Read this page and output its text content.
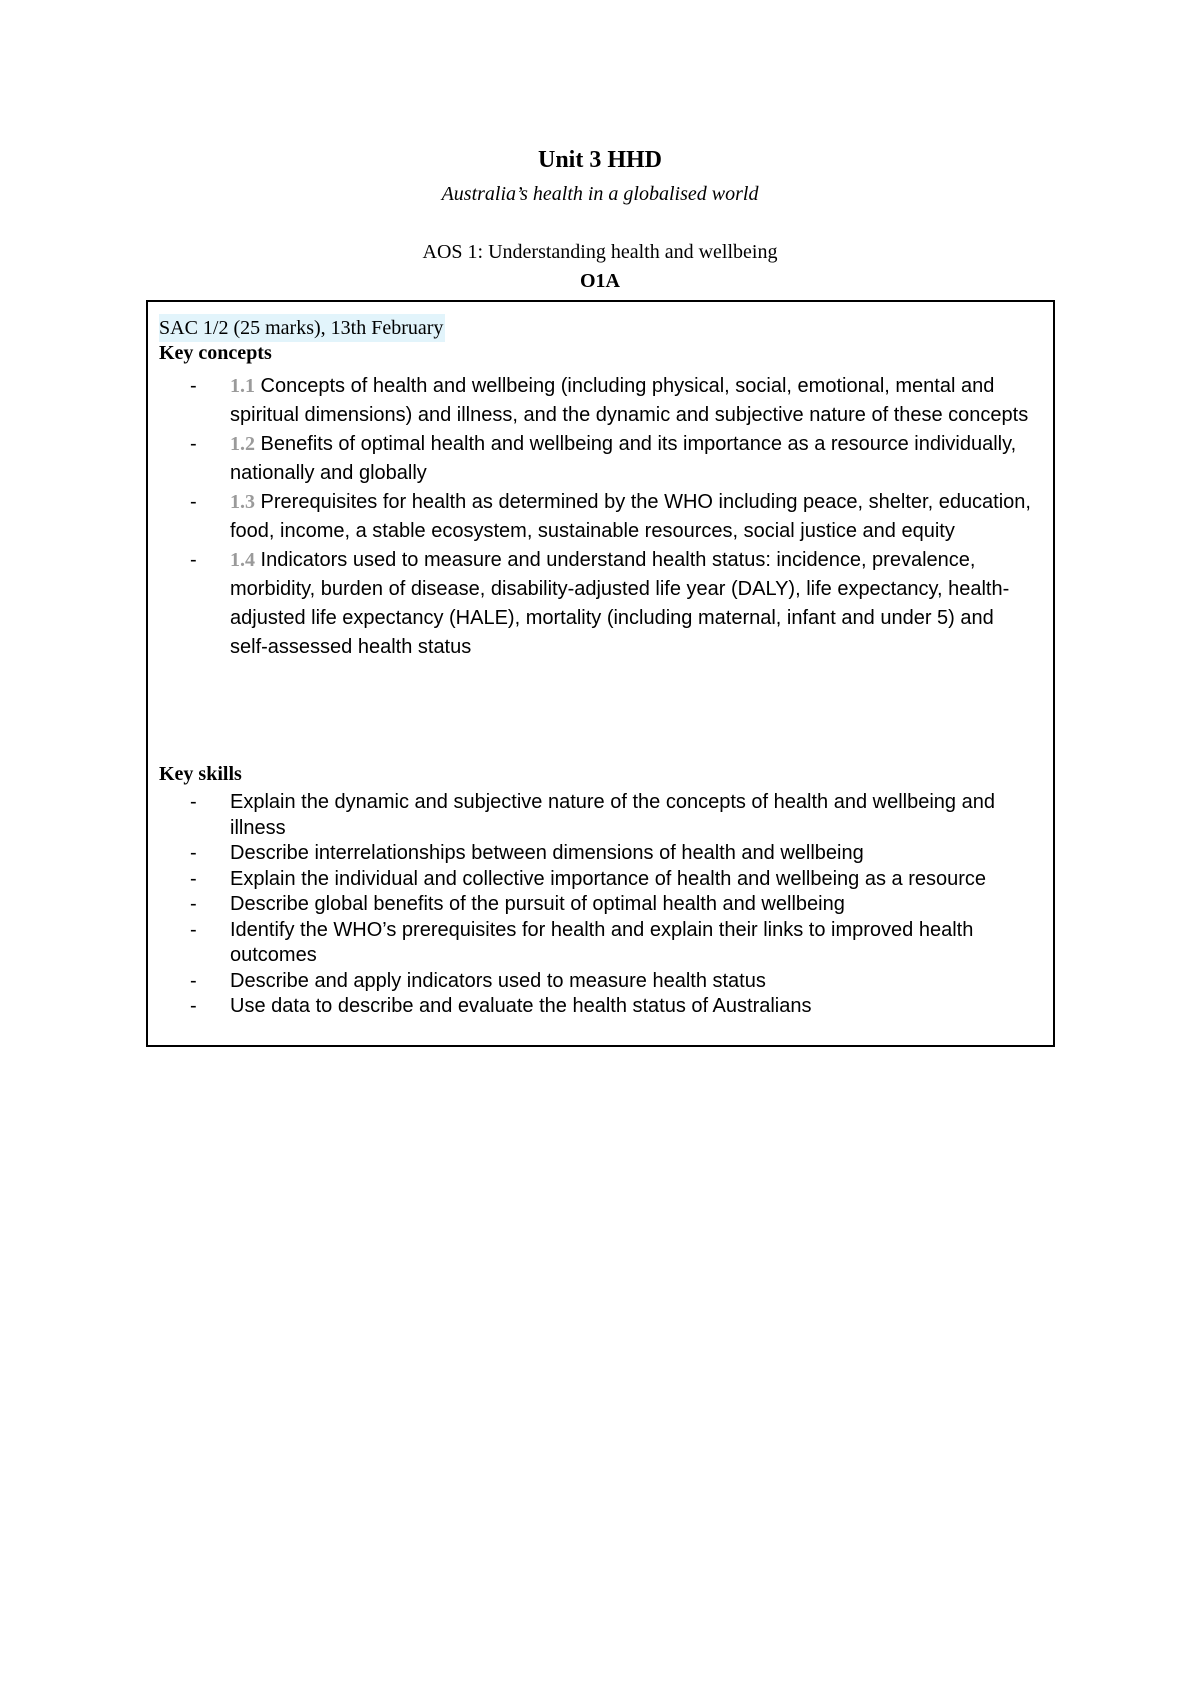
Unit 3 HHD
Australia’s health in a globalised world
AOS 1: Understanding health and wellbeing
O1A
SAC 1/2 (25 marks), 13th February
Key concepts
- 1.1 Concepts of health and wellbeing (including physical, social, emotional, mental and spiritual dimensions) and illness, and the dynamic and subjective nature of these concepts
- 1.2 Benefits of optimal health and wellbeing and its importance as a resource individually, nationally and globally
- 1.3 Prerequisites for health as determined by the WHO including peace, shelter, education, food, income, a stable ecosystem, sustainable resources, social justice and equity
- 1.4 Indicators used to measure and understand health status: incidence, prevalence, morbidity, burden of disease, disability-adjusted life year (DALY), life expectancy, health-adjusted life expectancy (HALE), mortality (including maternal, infant and under 5) and self-assessed health status
Key skills
- Explain the dynamic and subjective nature of the concepts of health and wellbeing and illness
- Describe interrelationships between dimensions of health and wellbeing
- Explain the individual and collective importance of health and wellbeing as a resource
- Describe global benefits of the pursuit of optimal health and wellbeing
- Identify the WHO’s prerequisites for health and explain their links to improved health outcomes
- Describe and apply indicators used to measure health status
- Use data to describe and evaluate the health status of Australians
